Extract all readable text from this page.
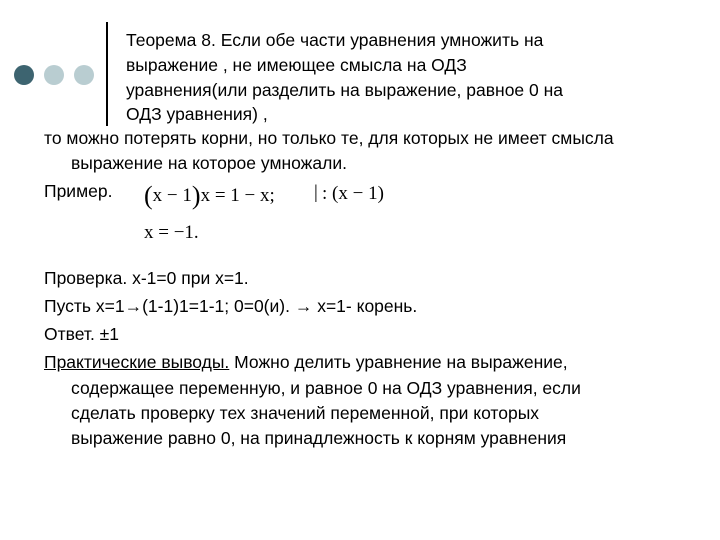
Теорема 8. Если обе части уравнения умножить на
выражение , не имеющее смысла на ОДЗ
уравнения(или разделить на выражение, равное 0 на
ОДЗ уравнения) ,
то можно потерять корни, но только те, для которых не имеет смысла
выражение на которое умножали.
Пример. (x − 1)x = 1 − x; | : (x − 1)
x = −1.
Проверка. х-1=0 при х=1.
Пусть х=1→(1-1)1=1-1; 0=0(и). → х=1- корень.
Ответ. ±1
Практические выводы. Можно делить уравнение на выражение,
содержащее переменную, и равное 0 на ОДЗ уравнения, если
сделать проверку тех значений переменной, при которых
выражение равно 0, на принадлежность к корням уравнения
